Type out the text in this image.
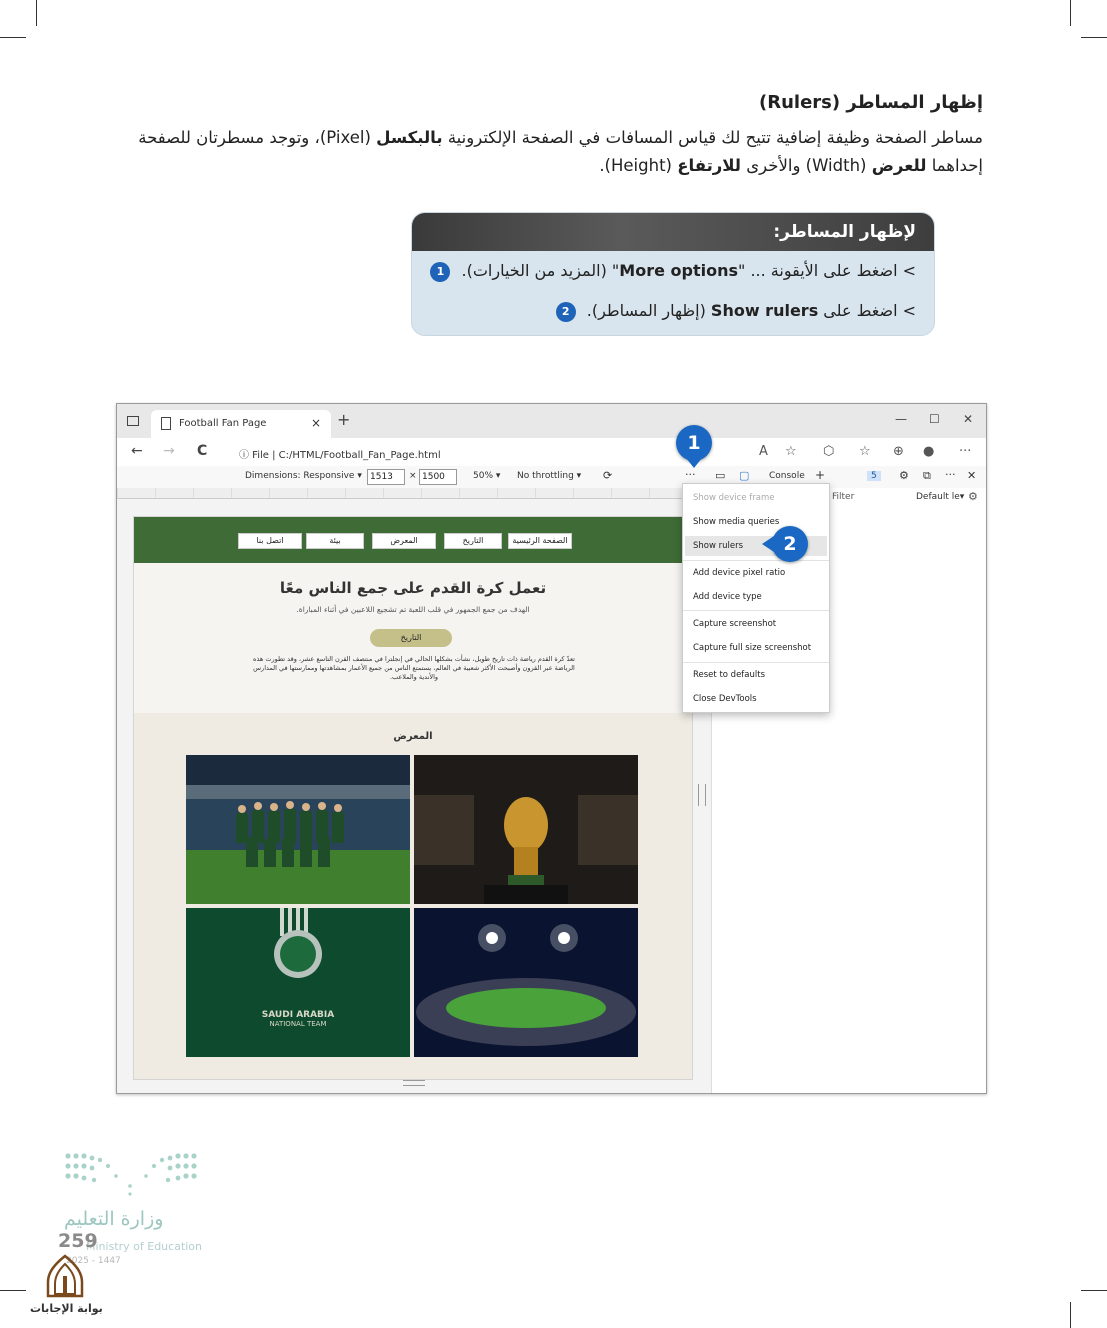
إظهار المساطر (Rulers)
مساطر الصفحة وظيفة إضافية تتيح لك قياس المسافات في الصفحة الإلكترونية بالبكسل (Pixel)، وتوجد مسطرتان للصفحة إحداهما للعرض (Width) والأخرى للارتفاع (Height).
لإظهار المساطر:
> اضغط على الأيقونة ... "More options" (المزيد من الخيارات). 1
> اضغط على Show rulers (إظهار المساطر). 2
Football Fan Page	× +	— ☐ ✕
← → C	ⓘ File | C:/HTML/Football_Fan_Page.html	A ☆ ⬡ ☆ ⊕ ● ···
Dimensions: Responsive ▾ 1513	× 1500	50% ▾ No throttling ▾ ⟳	··· ▭ ▢ Console +	5	⚙ ⧉ ··· ✕
الصفحة الرئيسية
التاريخ
المعرض
بيئة
اتصل بنا
تعمل كرة القدم على جمع الناس معًا
الهدف من جمع الجمهور في قلب اللعبة تم تشجيع اللاعبين في أثناء المباراة.
التاريخ
تعدّ كرة القدم رياضة ذات تاريخ طويل، نشأت بشكلها الحالي في إنجلترا في منتصف القرن التاسع عشر، وقد تطورت هذه الرياضة عبر القرون وأصبحت الأكثر شعبية في العالم، يستمتع الناس من جميع الأعمار بمشاهدتها وممارستها في المدارس والأندية والملاعب.
المعرض
SAUDI ARABIA
NATIONAL TEAM
Filter	Default le▾ ⚙
Show device frame
Show media queries
Show rulers
Add device pixel ratio
Add device type
Capture screenshot
Capture full size screenshot
Reset to defaults
Close DevTools
1
2
وزارة التعليم
Ministry of Education
259
2025 - 1447
بوابة الإجابات
